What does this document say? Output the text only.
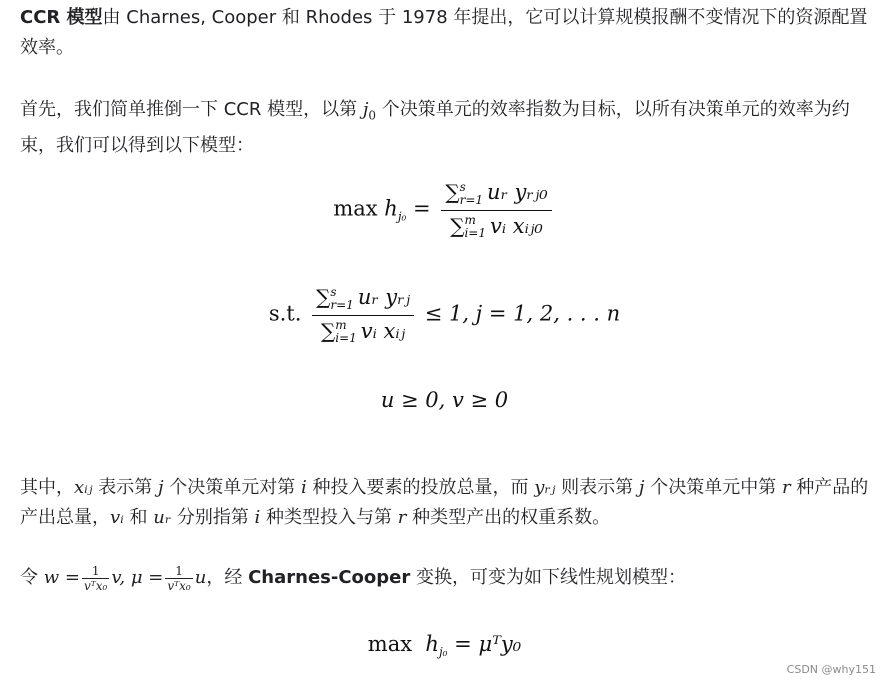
CCR 模型由 Charnes, Cooper 和 Rhodes 于 1978 年提出，它可以计算规模报酬不变情况下的资源配置效率。

首先，我们简单推倒一下 CCR 模型，以第 $j_0$ 个决策单元的效率指数为目标，以所有决策单元的效率为约束，我们可以得到以下模型：

其中，xᵢⱼ 表示第 j 个决策单元对第 i 种投入要素的投放总量，而 yᵣⱼ 则表示第 j 个决策单元中第 r 种产品的产出总量，vᵢ 和 uᵣ 分别指第 i 种类型投入与第 r 种类型产出的权重系数。

令 $w = \frac{1}{\text{vᵀx₀}} v$, $\mu = \frac{1}{\text{vᵀx₀}}$ u，经 Charnes-Cooper 变换，可变为如下线性规划模型：

$\max h_{j_0}$ =
∑s
r=1 uᵣ yᵣⱼ₀
∑m
i=1 vᵢ xᵢⱼ₀
s.t.
∑s
r=1 uᵣ yᵣⱼ
∑m
i=1 vᵢ xᵢⱼ
≤ 1, j = 1, 2, . . . n
u ≥ 0, v ≥ 0
$\max h_{j_0}$ = μᵀy₀
CSDN @why151
